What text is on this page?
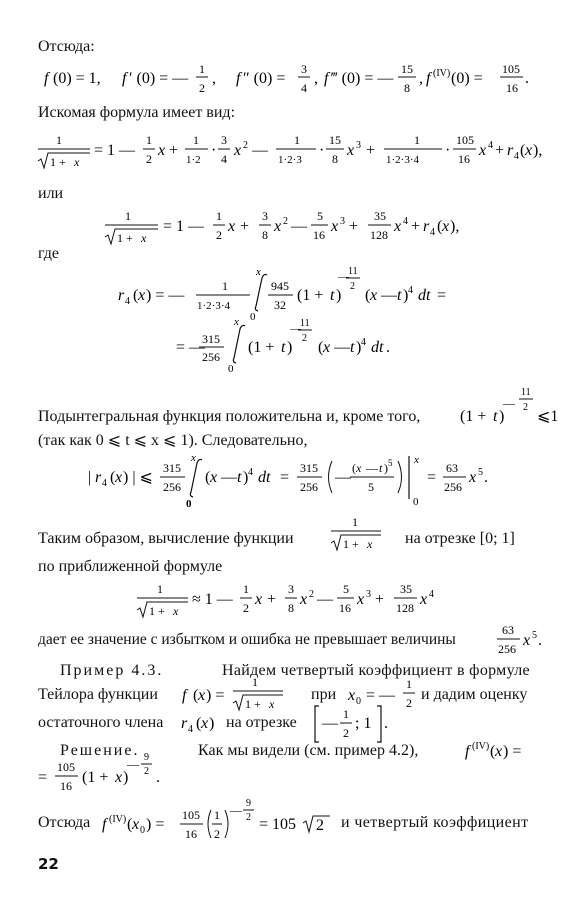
Отсюда:
f (0) = 1, f ′ (0) = —
1
2
, f ″ (0) =
3
4
, f ‴ (0) = —
15
8
, f (IV) (0) =
105
16
.
Искомая формула имеет вид:
1
1 + x
= 1 —
1
2 x +
1
1·2
·
3
4 x 2 —
1
1·2·3
·
15
8 x 3 +
1
1·2·3·4
·
105
16 x 4 + r 4 ( x ),
или
1
1 + x
= 1 —
1
2 x +
3
8 x 2 —
5
16 x 3 +
35
128 x 4 + r 4 ( x ),
где
r 4 ( x ) = —
1
1·2·3·4
x
0
945
32
(1 + t )
11
2
—
( x — t ) 4 dt =
= —
315
256
x
0
(1 + t )
11
2
—
( x — t ) 4 dt .
Подынтегральная функция положительна и, кроме того, (1 + t )
—
11
2
⩽1
(так как 0 ⩽ t ⩽ x ⩽ 1). Следовательно,
| r 4 ( x ) | ⩽
315
256
x
0
( x — t ) 4 dt =
315
256
—
( x — t ) 5
5
x
0
=
63
256
x 5 .
Таким образом, вычисление функции
1
1 + x на отрезке [0; 1]
по приближенной формуле
1
1 + x
≈ 1 —
1
2 x +
3
8 x 2 —
5
16 x 3 +
35
128 x 4
дает ее значение с избытком и ошибка не превышает величины
63
256 x 5 .
Пример 4.3.	Найдем четвертый коэффициент в формуле
Тейлора функции f ( x ) =
1
1 + x	x 0 = —
1
2
при	и дадим оценку
остаточного члена r 4 ( x )	—
1
2
; 1 .
на отрезке
Решение.	Как мы видели (см. пример 4.2),	f (IV) ( x ) =
=
105
16 (1 + x )
— 9
2 .
Отсюда f (IV) ( x 0 ) =
105
16
1
2
— 9
2 = 105 2 и четвертый коэффициент
22
